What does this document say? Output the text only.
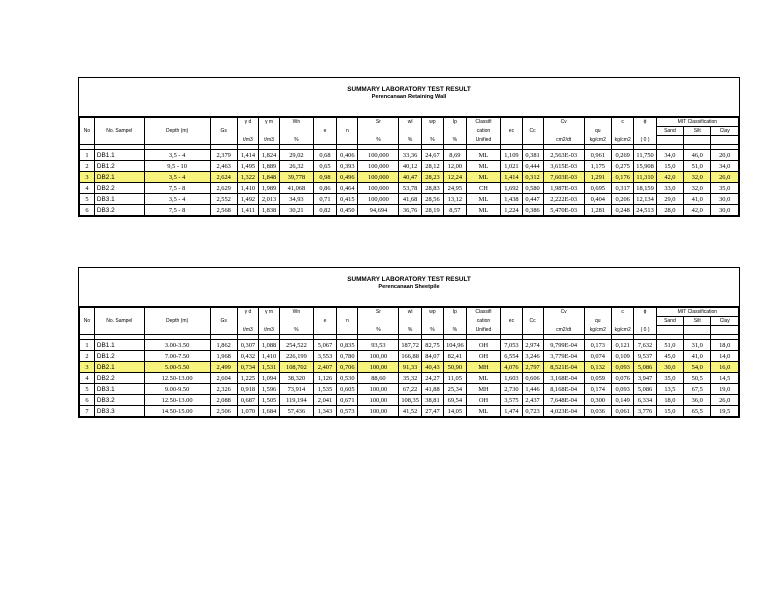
SUMMARY LABORATORY TEST RESULT
Perencanaan Retaining Wall
				γ d	γ m	Wn			Sr	wl	wp	Ip	Classifi			Cv		c	ϕ	MIT Classification		
No	No. Sampel	Depth (m)	Gs				e	n					cation	ec	Cc		qu			Sand	Silt	Clay
				t/m3	t/m3	%			%	%	%	%	Unified			cm2/dt	kg/cm2	kg/cm2	( 0 )			

1	DB1.1	3,5 - 4	2,379	1,414	1,824	29,02	0,68	0,406	100,000	33,36	24,67	8,69	ML	1,109	0,381	2,563E-03	0,961	0,269	11,750	34,0	46,0	20,0
2	DB1.2	9,5 - 10	2,463	1,495	1,889	26,32	0,65	0,393	100,000	40,12	28,12	12,00	ML	1,021	0,444	3,615E-03	1,175	0,275	15,908	15,0	51,0	34,0
3	DB2.1	3,5 - 4	2,624	1,322	1,848	39,778	0,98	0,496	100,000	40,47	28,23	12,24	ML	1,414	0,312	7,603E-03	1,291	0,176	11,310	42,0	32,0	26,0
4	DB2.2	7,5 - 8	2,629	1,410	1,989	41,068	0,86	0,464	100,000	53,78	28,83	24,95	CH	1,692	0,580	1,987E-03	0,695	0,317	18,159	33,0	32,0	35,0
5	DB3.1	3,5 - 4	2,552	1,492	2,013	34,93	0,71	0,415	100,000	41,68	28,56	13,12	ML	1,438	0,447	2,222E-03	0,404	0,206	12,134	29,0	41,0	30,0
6	DB3.2	7,5 - 8	2,568	1,411	1,838	30,21	0,82	0,450	94,694	36,76	28,19	8,57	ML	1,224	0,386	5,470E-03	1,281	0,248	24,513	28,0	42,0	30,0
SUMMARY LABORATORY TEST RESULT
Perencanaan Sheetpile
				γ d	γ m	Wn			Sr	wl	wp	Ip	Classifi			Cv		c	ϕ	MIT Classification		
No	No. Sampel	Depth (m)	Gs				e	n					cation	ec	Cc		qu			Sand	Silt	Clay
				t/m3	t/m3	%			%	%	%	%	Unified			cm2/dt	kg/cm2	kg/cm2	( 0 )			

1	DB1.1	3.00-3.50	1,862	0,307	1,088	254,522	5,067	0,835	93,53	187,72	82,75	104,96	OH	7,053	2,974	9,799E-04	0,173	0,121	7,632	51,0	31,0	18,0
2	DB1.2	7.00-7.50	1,968	0,432	1,410	226,199	3,553	0,780	100,00	166,88	84,07	82,41	OH	6,554	3,246	3,779E-04	0,074	0,109	9,537	45,0	41,0	14,0
3	DB2.1	5.00-5.50	2,499	0,734	1,531	108,702	2,407	0,706	100,00	91,33	40,43	50,90	MH	4,076	2,797	8,521E-04	0,132	0,093	5,086	30,0	54,0	16,0
4	DB2.2	12.50-13.00	2,604	1,225	1,094	38,320	1,126	0,530	88,60	35,32	24,27	11,05	ML	1,603	0,606	3,168E-04	0,059	0,076	3,947	35,0	50,5	14,5
5	DB3.1	9.00-9.50	2,326	0,918	1,596	73,914	1,535	0,605	100,00	67,22	41,88	25,34	MH	2,730	1,446	8,168E-04	0,174	0,093	5,086	13,5	67,5	19,0
6	DB3.2	12.50-13.00	2,088	0,687	1,505	119,194	2,041	0,671	100,00	108,35	38,81	69,54	OH	3,575	2,437	7,648E-04	0,300	0,149	6,334	18,0	36,0	26,0
7	DB3.3	14.50-15.00	2,506	1,070	1,684	57,436	1,343	0,573	100,00	41,52	27,47	14,05	ML	1,474	0,723	4,023E-04	0,036	0,061	3,776	15,0	65,5	19,5
